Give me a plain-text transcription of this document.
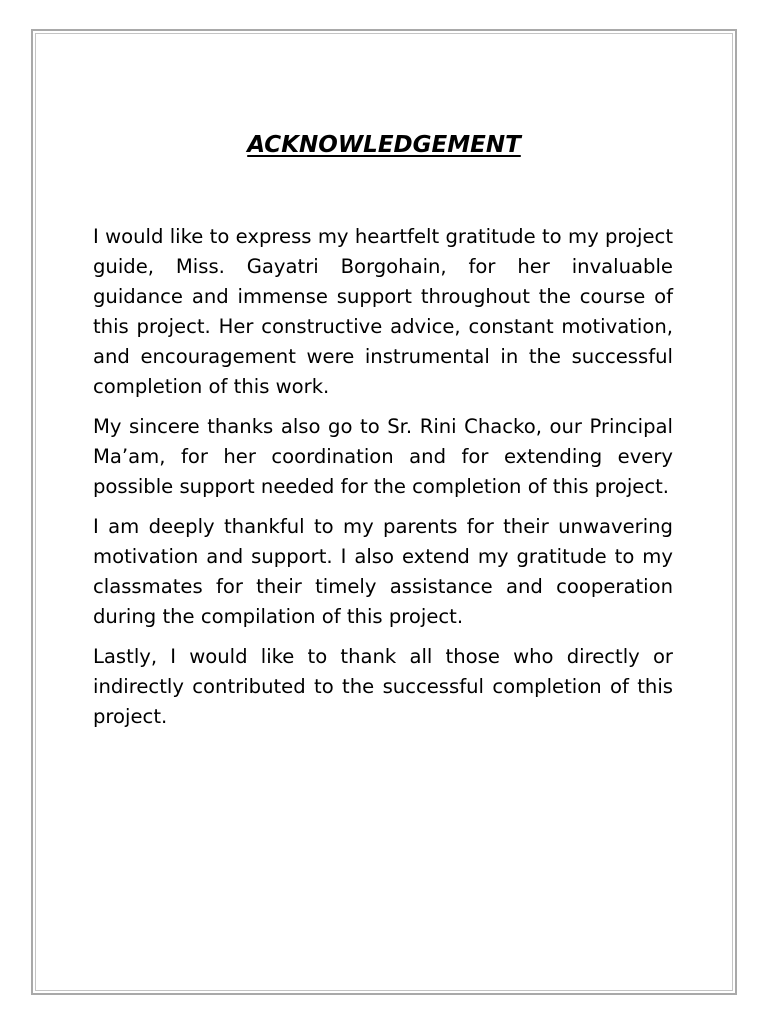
ACKNOWLEDGEMENT

I would like to express my heartfelt gratitude to my project guide, Miss. Gayatri Borgohain, for her invaluable guidance and immense support throughout the course of this project. Her constructive advice, constant motivation, and encouragement were instrumental in the successful completion of this work.

My sincere thanks also go to Sr. Rini Chacko, our Principal Ma’am, for her coordination and for extending every possible support needed for the completion of this project.

I am deeply thankful to my parents for their unwavering motivation and support. I also extend my gratitude to my classmates for their timely assistance and cooperation during the compilation of this project.

Lastly, I would like to thank all those who directly or indirectly contributed to the successful completion of this project.
